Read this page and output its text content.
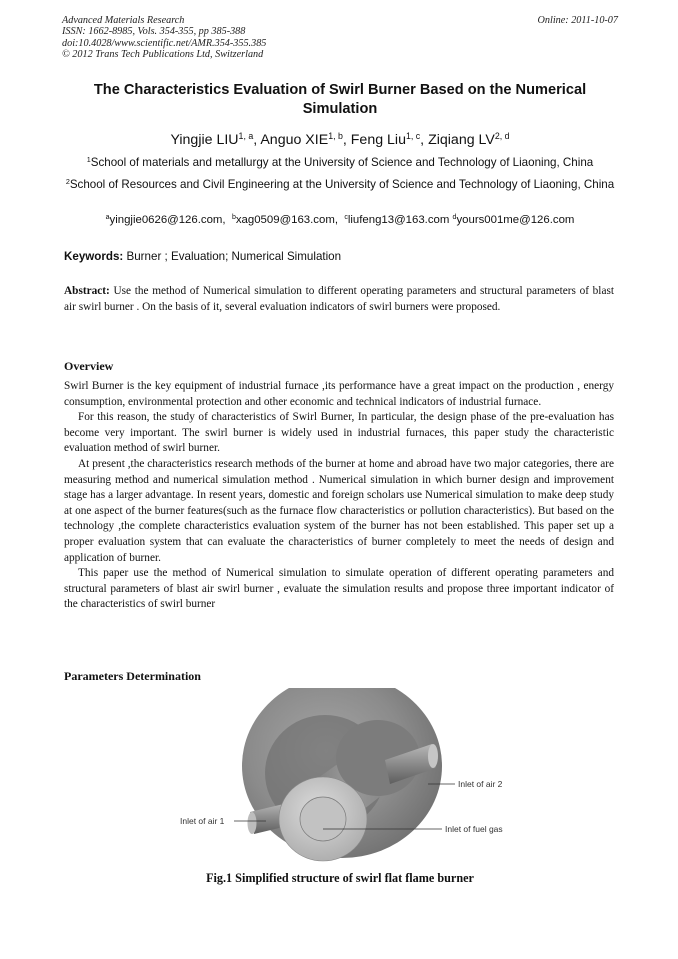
Advanced Materials Research
ISSN: 1662-8985, Vols. 354-355, pp 385-388
doi:10.4028/www.scientific.net/AMR.354-355.385
© 2012 Trans Tech Publications Ltd, Switzerland
Online: 2011-10-07
The Characteristics Evaluation of Swirl Burner Based on the Numerical Simulation
Yingjie LIU$^{1, a}$, Anguo XIE$^{1, b}$, Feng Liu$^{1, c}$, Ziqiang LV$^{2, d}$
$^1$School of materials and metallurgy at the University of Science and Technology of Liaoning, China
$^2$School of Resources and Civil Engineering at the University of Science and Technology of Liaoning, China
$^a$yingjie0626@126.com, $^b$xag0509@163.com, $^c$liufeng13@163.com $^d$yours001me@126.com
Keywords: Burner ; Evaluation; Numerical Simulation
Abstract: Use the method of Numerical simulation to different operating parameters and structural parameters of blast air swirl burner . On the basis of it, several evaluation indicators of swirl burners were proposed.
Overview

Swirl Burner is the key equipment of industrial furnace ,its performance have a great impact on the production , energy consumption, environmental protection and other economic and technical indicators of industrial furnace.

For this reason, the study of characteristics of Swirl Burner, In particular, the design phase of the pre-evaluation has become very important. The swirl burner is widely used in industrial furnaces, this paper study the characteristic evaluation method of swirl burner.

At present ,the characteristics research methods of the burner at home and abroad have two major categories, there are measuring method and numerical simulation method . Numerical simulation in which burner design and improvement stage has a larger advantage. In resent years, domestic and foreign scholars use Numerical simulation to make deep study at one aspect of the burner features(such as the furnace flow characteristics or pollution characteristics). But based on the technology ,the complete characteristics evaluation system of the burner has not been established. This paper set up a proper evaluation system that can evaluate the characteristics of burner completely to meet the needs of design and application of burner.

This paper use the method of Numerical simulation to simulate operation of different operating parameters and structural parameters of blast air swirl burner , evaluate the simulation results and propose three important indicator of the characteristics of swirl burner

Parameters Determination
Inlet of air 2
Inlet of air 1
Inlet of fuel gas
Fig.1 Simplified structure of swirl flat flame burner
